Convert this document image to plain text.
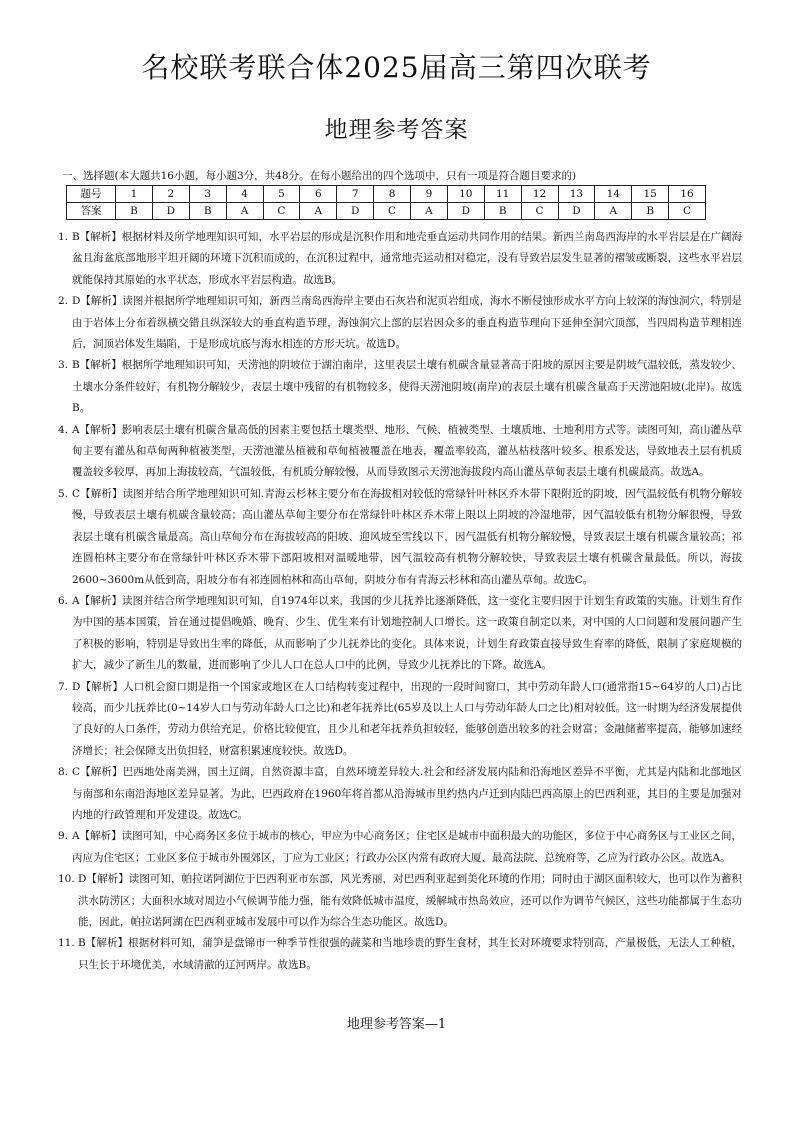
名校联考联合体2025届高三第四次联考
地理参考答案
一、选择题(本大题共16小题，每小题3分，共48分。在每小题给出的四个选项中，只有一项是符合题目要求的)
题号	1	2	3	4	5	6	7	8	9	10	11	12	13	14	15	16
答案	B	D	B	A	C	A	D	C	A	D	B	C	D	A	B	C

1. B【解析】根据材料及所学地理知识可知，水平岩层的形成是沉积作用和地壳垂直运动共同作用的结果。新西兰南岛西海岸的水平岩层是在广阔海盆且海盆底部地形平坦开阔的环境下沉积而成的，在沉积过程中，通常地壳运动相对稳定，没有导致岩层发生显著的褶皱或断裂，这些水平岩层就能保持其原始的水平状态，形成水平岩层构造。故选B。

2. D【解析】读图并根据所学地理知识可知，新西兰南岛西海岸主要由石灰岩和泥页岩组成，海水不断侵蚀形成水平方向上较深的海蚀洞穴，特别是由于岩体上分布着纵横交错且纵深较大的垂直构造节理，海蚀洞穴上部的层岩因众多的垂直构造节理向下延伸至洞穴顶部，当四周构造节理相连后，洞顶岩体发生塌陷，于是形成坑底与海水相连的方形天坑。故选D。

3. B【解析】根据所学地理知识可知，天涝池的阴坡位于湖泊南岸，这里表层土壤有机碳含量显著高于阳坡的原因主要是阴坡气温较低，蒸发较少、土壤水分条件较好，有机物分解较少，表层土壤中残留的有机物较多，使得天涝池阴坡(南岸)的表层土壤有机碳含量高于天涝池阳坡(北岸)。故选B。

4. A【解析】影响表层土壤有机碳含量高低的因素主要包括土壤类型、地形、气候、植被类型、土壤质地、土地利用方式等。读图可知，高山灌丛草甸主要有灌丛和草甸两种植被类型，天涝池灌丛植被和草甸植被覆盖在地表，覆盖率较高，灌丛枯枝落叶较多、根系发达，导致地表土层有机质覆盖较多较厚，再加上海拔较高，气温较低，有机质分解较慢，从而导致图示天涝池海拔段内高山灌丛草甸表层土壤有机碳最高。故选A。

5. C【解析】读图并结合所学地理知识可知.青海云杉林主要分布在海拔相对较低的常绿针叶林区乔木带下限附近的阴坡，因气温较低有机物分解较慢，导致表层土壤有机碳含量较高；高山灌丛草甸主要分布在常绿针叶林区乔木带上限以上阴坡的冷湿地带，因气温较低有机物分解很慢，导致表层土壤有机碳含量最高。高山草甸分布在海拔较高的阳坡、迎风坡至雪线以下，因气温低有机物分解较慢，导致表层土壤有机碳含量较高；祁连圆柏林主要分布在常绿针叶林区乔木带下部阳坡相对温暖地带，因气温较高有机物分解较快，导致表层土壤有机碳含量最低。所以，海拔2600~3600m从低到高，阳坡分布有祁连圆柏林和高山草甸，阴坡分布有青海云杉林和高山灌丛草甸。故选C。

6. A【解析】读图并结合所学地理知识可知，自1974年以来，我国的少儿抚养比逐渐降低，这一变化主要归因于计划生育政策的实施。计划生育作为中国的基本国策，旨在通过提倡晚婚、晚育、少生、优生来有计划地控制人口增长。这一政策自制定以来，对中国的人口问题和发展问题产生了积极的影响，特别是导致出生率的降低，从而影响了少儿抚养比的变化。具体来说，计划生育政策直接导致生育率的降低，限制了家庭规模的扩大，减少了新生儿的数量，进而影响了少儿人口在总人口中的比例，导致少儿抚养比的下降。故选A。

7. D【解析】人口机会窗口期是指一个国家或地区在人口结构转变过程中，出现的一段时间窗口，其中劳动年龄人口(通常指15~64岁的人口)占比较高，而少儿抚养比(0~14岁人口与劳动年龄人口之比)和老年抚养比(65岁及以上人口与劳动年龄人口之比)相对较低。这一时期为经济发展提供了良好的人口条件，劳动力供给充足，价格比较便宜，且少儿和老年抚养负担较轻，能够创造出较多的社会财富；金融储蓄率提高，能够加速经济增长；社会保障支出负担轻，财富积累速度较快。故选D。

8. C【解析】巴西地处南美洲，国土辽阔，自然资源丰富，自然环境差异较大.社会和经济发展内陆和沿海地区差异不平衡，尤其是内陆和北部地区与南部和东南沿海地区差异显著。为此，巴西政府在1960年将首都从沿海城市里约热内卢迁到内陆巴西高原上的巴西利亚，其目的主要是加强对内地的行政管理和开发建设。故选C。

9. A【解析】读图可知，中心商务区多位于城市的核心，甲应为中心商务区；住宅区是城市中面积最大的功能区，多位于中心商务区与工业区之间，丙应为住宅区；工业区多位于城市外围郊区，丁应为工业区；行政办公区内常有政府大厦、最高法院、总统府等，乙应为行政办公区。故选A。

10. D【解析】读图可知，帕拉诺阿湖位于巴西利亚市东部，风光秀丽，对巴西利亚起到美化环境的作用；同时由于湖区面积较大，也可以作为蓄积洪水防涝区；大面积水域对周边小气候调节能力强，能有效降低城市温度，缓解城市热岛效应，还可以作为调节气候区，这些功能都属于生态功能，因此，帕拉诺阿湖在巴西利亚城市发展中可以作为综合生态功能区。故选D。

11. B【解析】根据材料可知，蒲笋是盘锦市一种季节性很强的蔬菜和当地珍贵的野生食材，其生长对环境要求特别高，产量极低，无法人工种植，只生长于环境优美，水域清澈的辽河两岸。故选B。

地理参考答案—1
